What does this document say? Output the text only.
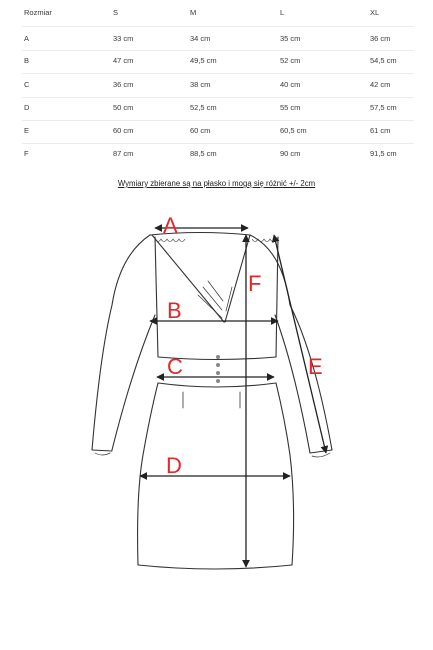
Rozmiar	S	M	L	XL
A	33 cm	34 cm	35 cm	36 cm
B	47 cm	49,5 cm	52 cm	54,5 cm
C	36 cm	38 cm	40 cm	42 cm
D	50 cm	52,5 cm	55 cm	57,5 cm
E	60 cm	60 cm	60,5 cm	61 cm
F	87 cm	88,5 cm	90 cm	91,5 cm
Wymiary zbierane są na płasko i mogą się różnić +/- 2cm
A
B
C
D
E
F
